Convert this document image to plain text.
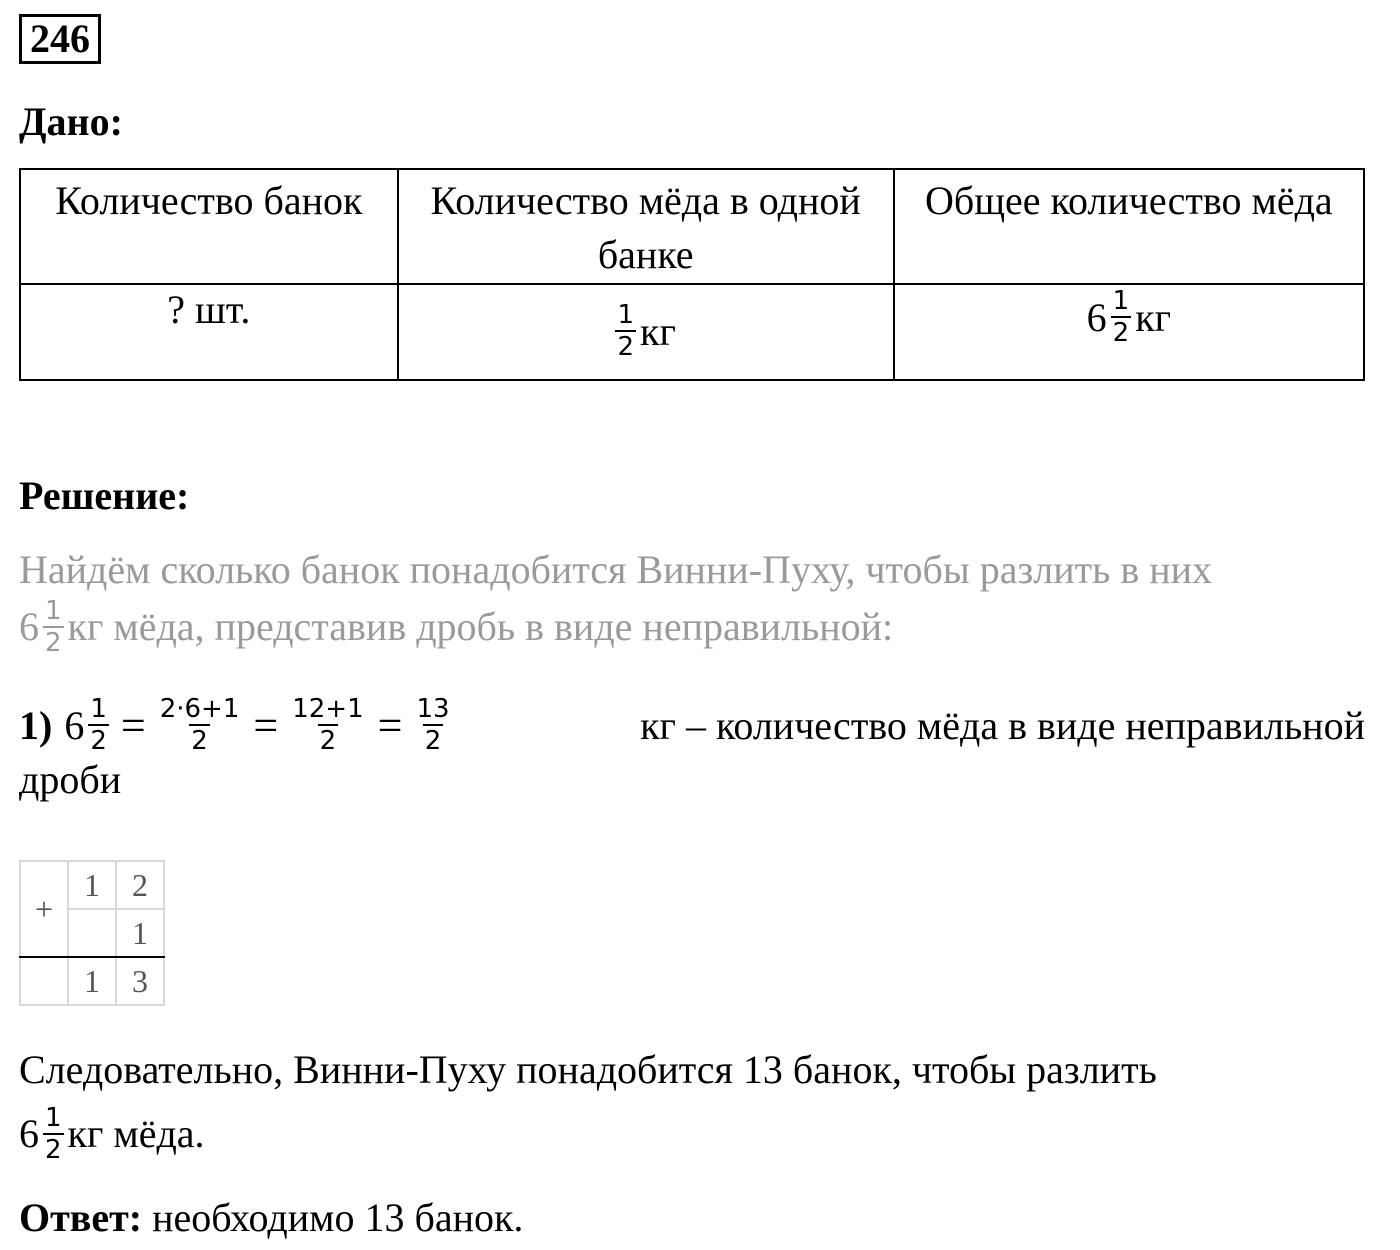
246
Дано:
Количество банок	Количество мёда в одной банке	Общее количество мёда
? шт.	$\frac{1}{2}$ кг	$6 \frac{1}{2}$ кг
Решение:
Найдём сколько банок понадобится Винни-Пуху, чтобы разлить в них
$6 \frac{1}{2}$ кг мёда, представив дробь в виде неправильной:
1) $6 \frac{1}{2} = \frac{2\cdot 6+1}{2} = \frac{12+1}{2} = \frac{13}{2}$	кг – количество мёда в виде неправильной
дроби
+	1	2
		1
	1	3
Следовательно, Винни-Пуху понадобится 13 банок, чтобы разлить
$6 \frac{1}{2}$ кг мёда.
Ответ: необходимо 13 банок.
